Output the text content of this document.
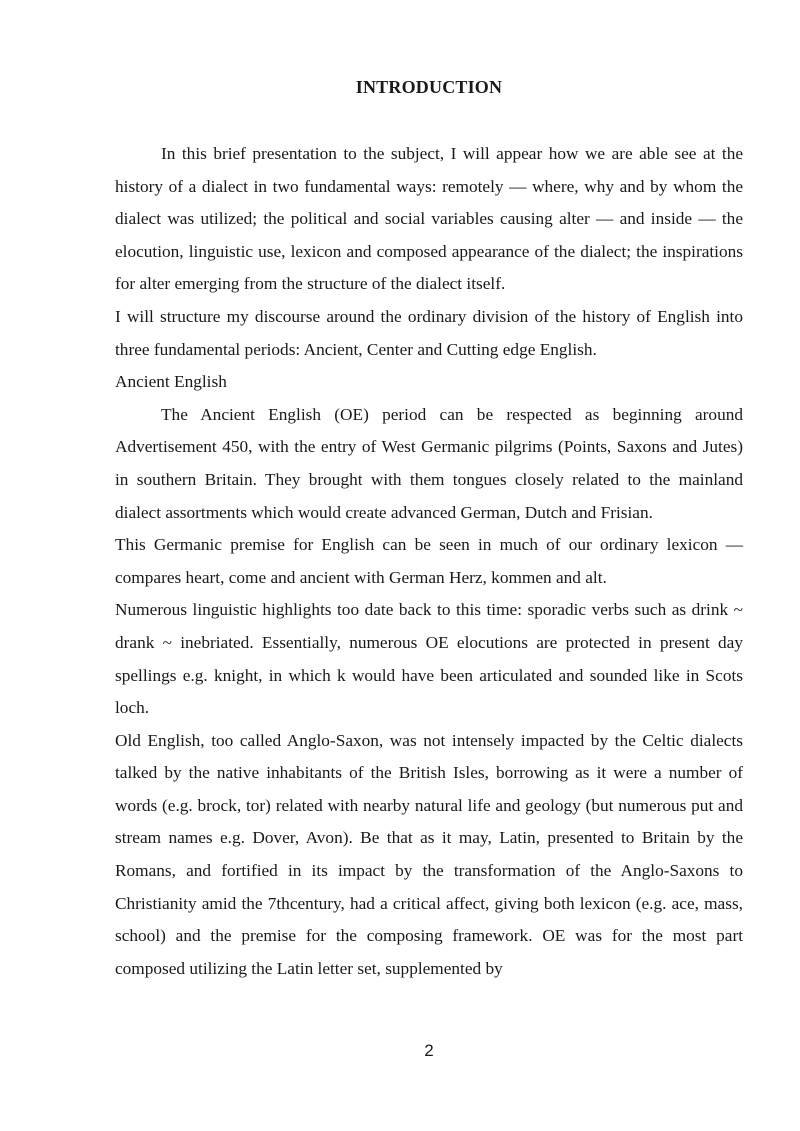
INTRODUCTION

In this brief presentation to the subject, I will appear how we are able see at the history of a dialect in two fundamental ways: remotely — where, why and by whom the dialect was utilized; the political and social variables causing alter — and inside — the elocution, linguistic use, lexicon and composed appearance of the dialect; the inspirations for alter emerging from the structure of the dialect itself.

I will structure my discourse around the ordinary division of the history of English into three fundamental periods: Ancient, Center and Cutting edge English.

Ancient English

The Ancient English (OE) period can be respected as beginning around Advertisement 450, with the entry of West Germanic pilgrims (Points, Saxons and Jutes) in southern Britain. They brought with them tongues closely related to the mainland dialect assortments which would create advanced German, Dutch and Frisian.

This Germanic premise for English can be seen in much of our ordinary lexicon — compares heart, come and ancient with German Herz, kommen and alt.

Numerous linguistic highlights too date back to this time: sporadic verbs such as drink ~ drank ~ inebriated. Essentially, numerous OE elocutions are protected in present day spellings e.g. knight, in which k would have been articulated and sounded like in Scots loch.

Old English, too called Anglo-Saxon, was not intensely impacted by the Celtic dialects talked by the native inhabitants of the British Isles, borrowing as it were a number of words (e.g. brock, tor) related with nearby natural life and geology (but numerous put and stream names e.g. Dover, Avon). Be that as it may, Latin, presented to Britain by the Romans, and fortified in its impact by the transformation of the Anglo-Saxons to Christianity amid the 7thcentury, had a critical affect, giving both lexicon (e.g. ace, mass, school) and the premise for the composing framework. OE was for the most part composed utilizing the Latin letter set, supplemented by

2
